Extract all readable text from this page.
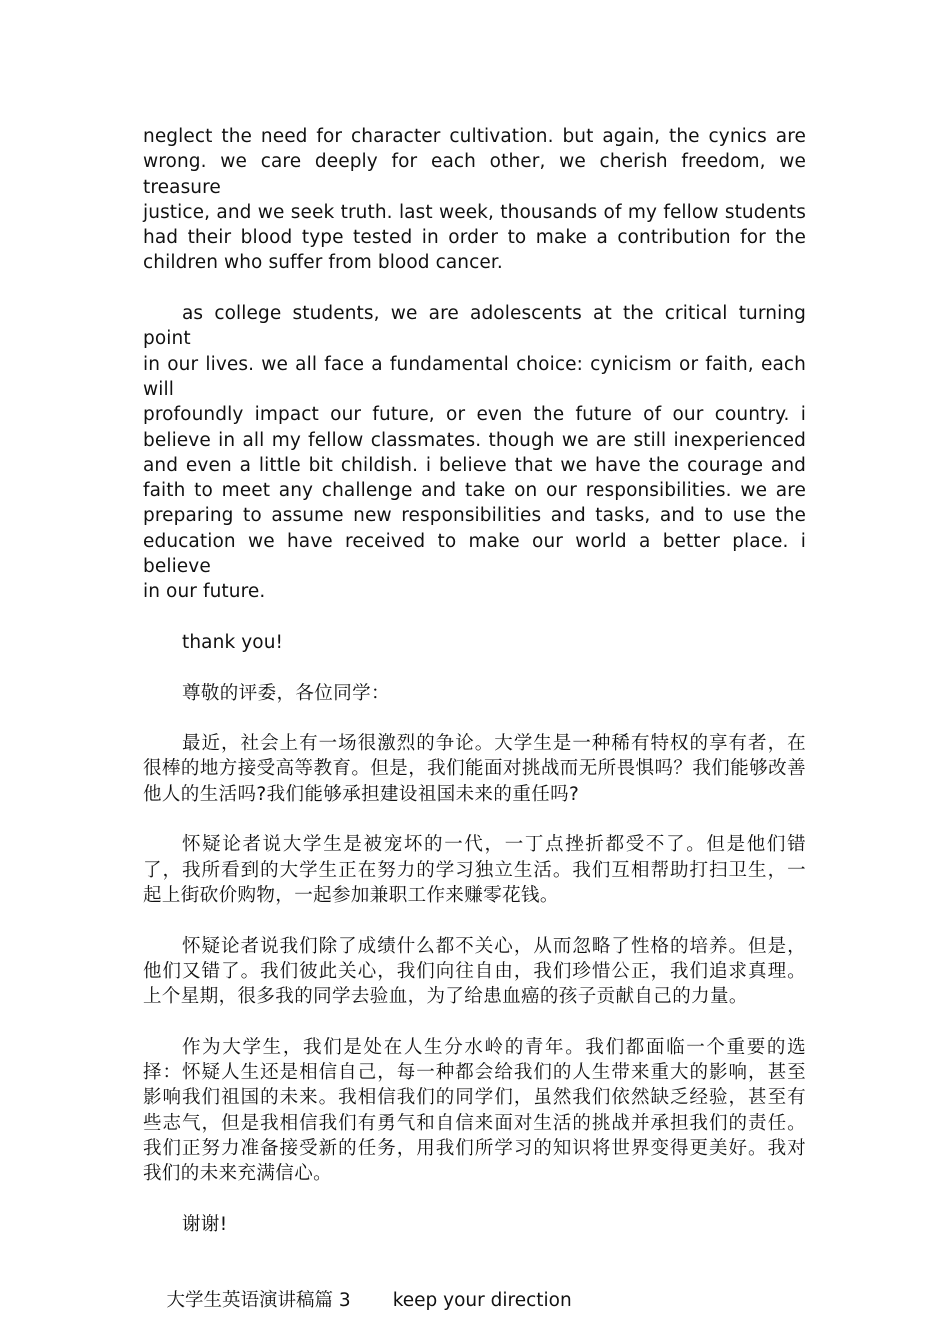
neglect the need for character cultivation. but again, the cynics are
wrong. we care deeply for each other, we cherish freedom, we treasure
justice, and we seek truth. last week, thousands of my fellow students
had their blood type tested in order to make a contribution for the
children who suffer from blood cancer.
as college students, we are adolescents at the critical turning point
in our lives. we all face a fundamental choice: cynicism or faith, each will
profoundly impact our future, or even the future of our country. i
believe in all my fellow classmates. though we are still inexperienced
and even a little bit childish. i believe that we have the courage and
faith to meet any challenge and take on our responsibilities. we are
preparing to assume new responsibilities and tasks, and to use the
education we have received to make our world a better place. i believe
in our future.
thank you!
尊敬的评委，各位同学：
最近，社会上有一场很激烈的争论。大学生是一种稀有特权的享有者，在
很棒的地方接受高等教育。但是，我们能面对挑战而无所畏惧吗？我们能够改善
他人的生活吗?我们能够承担建设祖国未来的重任吗?
怀疑论者说大学生是被宠坏的一代，一丁点挫折都受不了。但是他们错
了，我所看到的大学生正在努力的学习独立生活。我们互相帮助打扫卫生，一
起上街砍价购物，一起参加兼职工作来赚零花钱。
怀疑论者说我们除了成绩什么都不关心，从而忽略了性格的培养。但是，
他们又错了。我们彼此关心，我们向往自由，我们珍惜公正，我们追求真理。
上个星期，很多我的同学去验血，为了给患血癌的孩子贡献自己的力量。
作为大学生，我们是处在人生分水岭的青年。我们都面临一个重要的选
择：怀疑人生还是相信自己，每一种都会给我们的人生带来重大的影响，甚至
影响我们祖国的未来。我相信我们的同学们，虽然我们依然缺乏经验，甚至有
些志气，但是我相信我们有勇气和自信来面对生活的挑战并承担我们的责任。
我们正努力准备接受新的任务，用我们所学习的知识将世界变得更美好。我对
我们的未来充满信心。
谢谢!

大学生英语演讲稿篇 3 keep your direction
